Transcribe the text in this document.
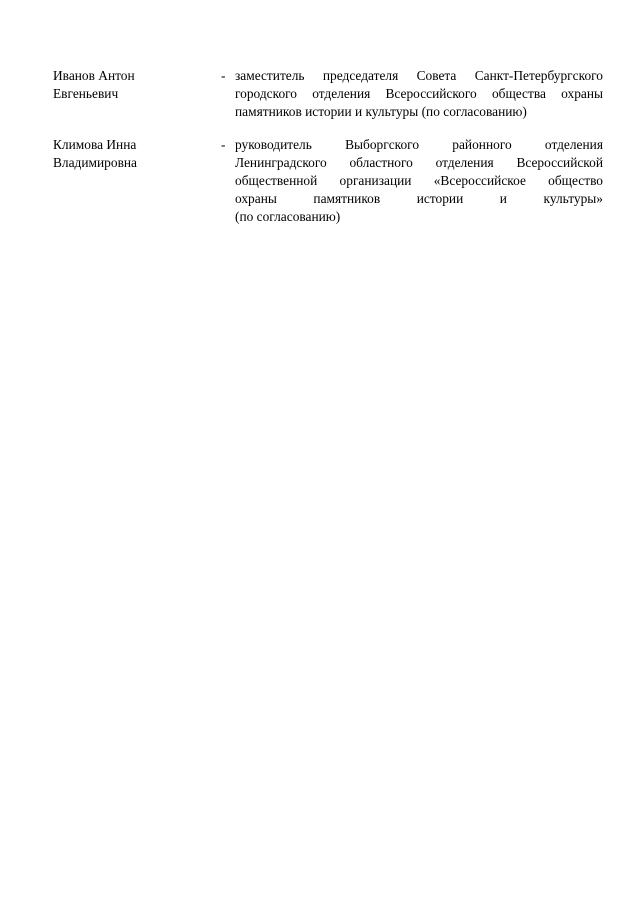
Иванов Антон
Евгеньевич
- заместитель председателя Совета Санкт-Петербургского
городского отделения Всероссийского общества охраны
памятников истории и культуры (по согласованию)
Климова Инна
Владимировна
- руководитель Выборгского районного отделения
Ленинградского областного отделения Всероссийской
общественной организации «Всероссийское общество
охраны памятников истории и культуры»
(по согласованию)
